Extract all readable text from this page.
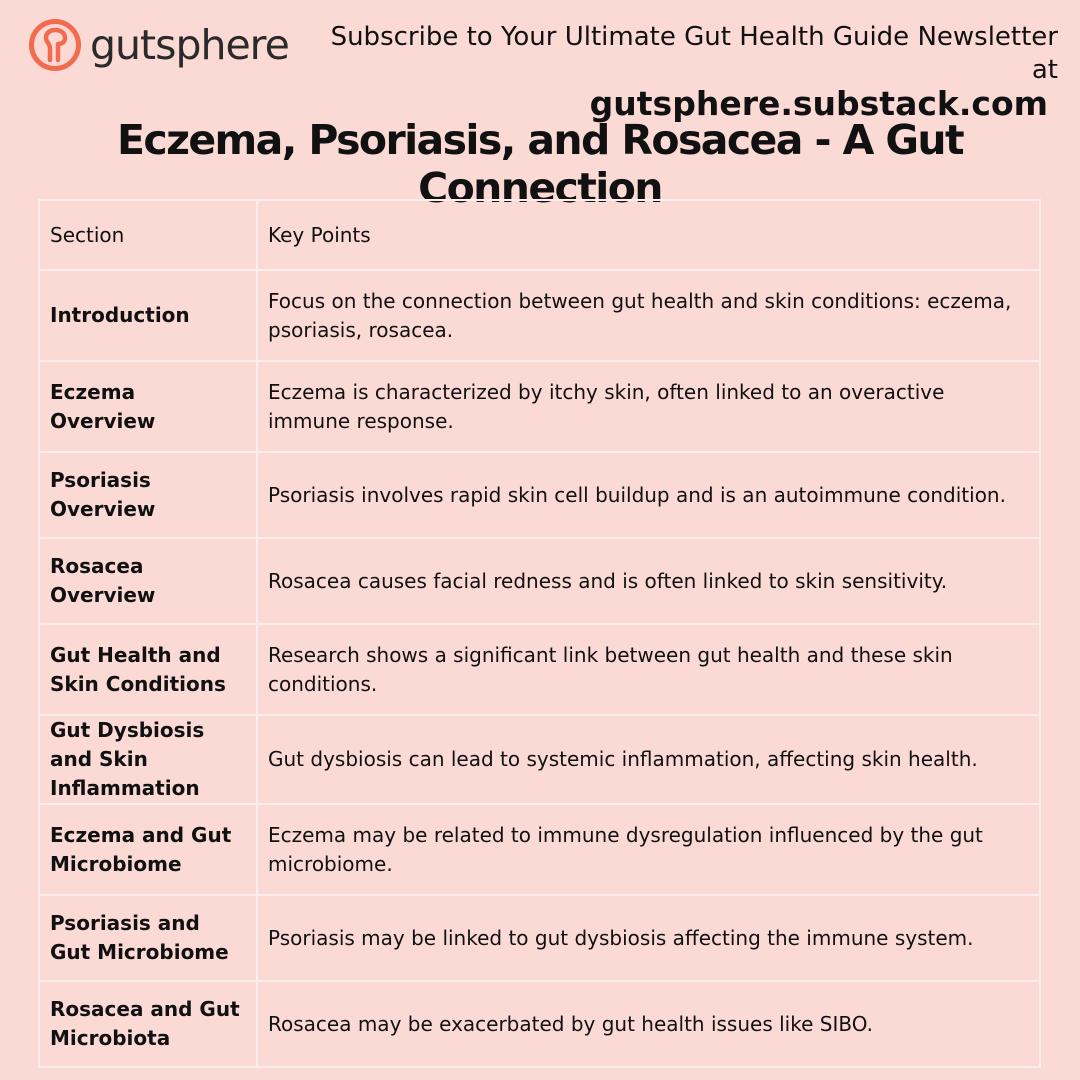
gutsphere	Subscribe to Your Ultimate Gut Health Guide Newsletter at
gutsphere.substack.com
Eczema, Psoriasis, and Rosacea - A Gut Connection
Section	Key Points
Introduction	Focus on the connection between gut health and skin conditions: eczema, psoriasis, rosacea.
Eczema Overview	Eczema is characterized by itchy skin, often linked to an overactive immune response.
Psoriasis Overview	Psoriasis involves rapid skin cell buildup and is an autoimmune condition.
Rosacea Overview	Rosacea causes facial redness and is often linked to skin sensitivity.
Gut Health and Skin Conditions	Research shows a significant link between gut health and these skin conditions.
Gut Dysbiosis and Skin Inflammation	Gut dysbiosis can lead to systemic inflammation, affecting skin health.
Eczema and Gut Microbiome	Eczema may be related to immune dysregulation influenced by the gut microbiome.
Psoriasis and Gut Microbiome	Psoriasis may be linked to gut dysbiosis affecting the immune system.
Rosacea and Gut Microbiota	Rosacea may be exacerbated by gut health issues like SIBO.
